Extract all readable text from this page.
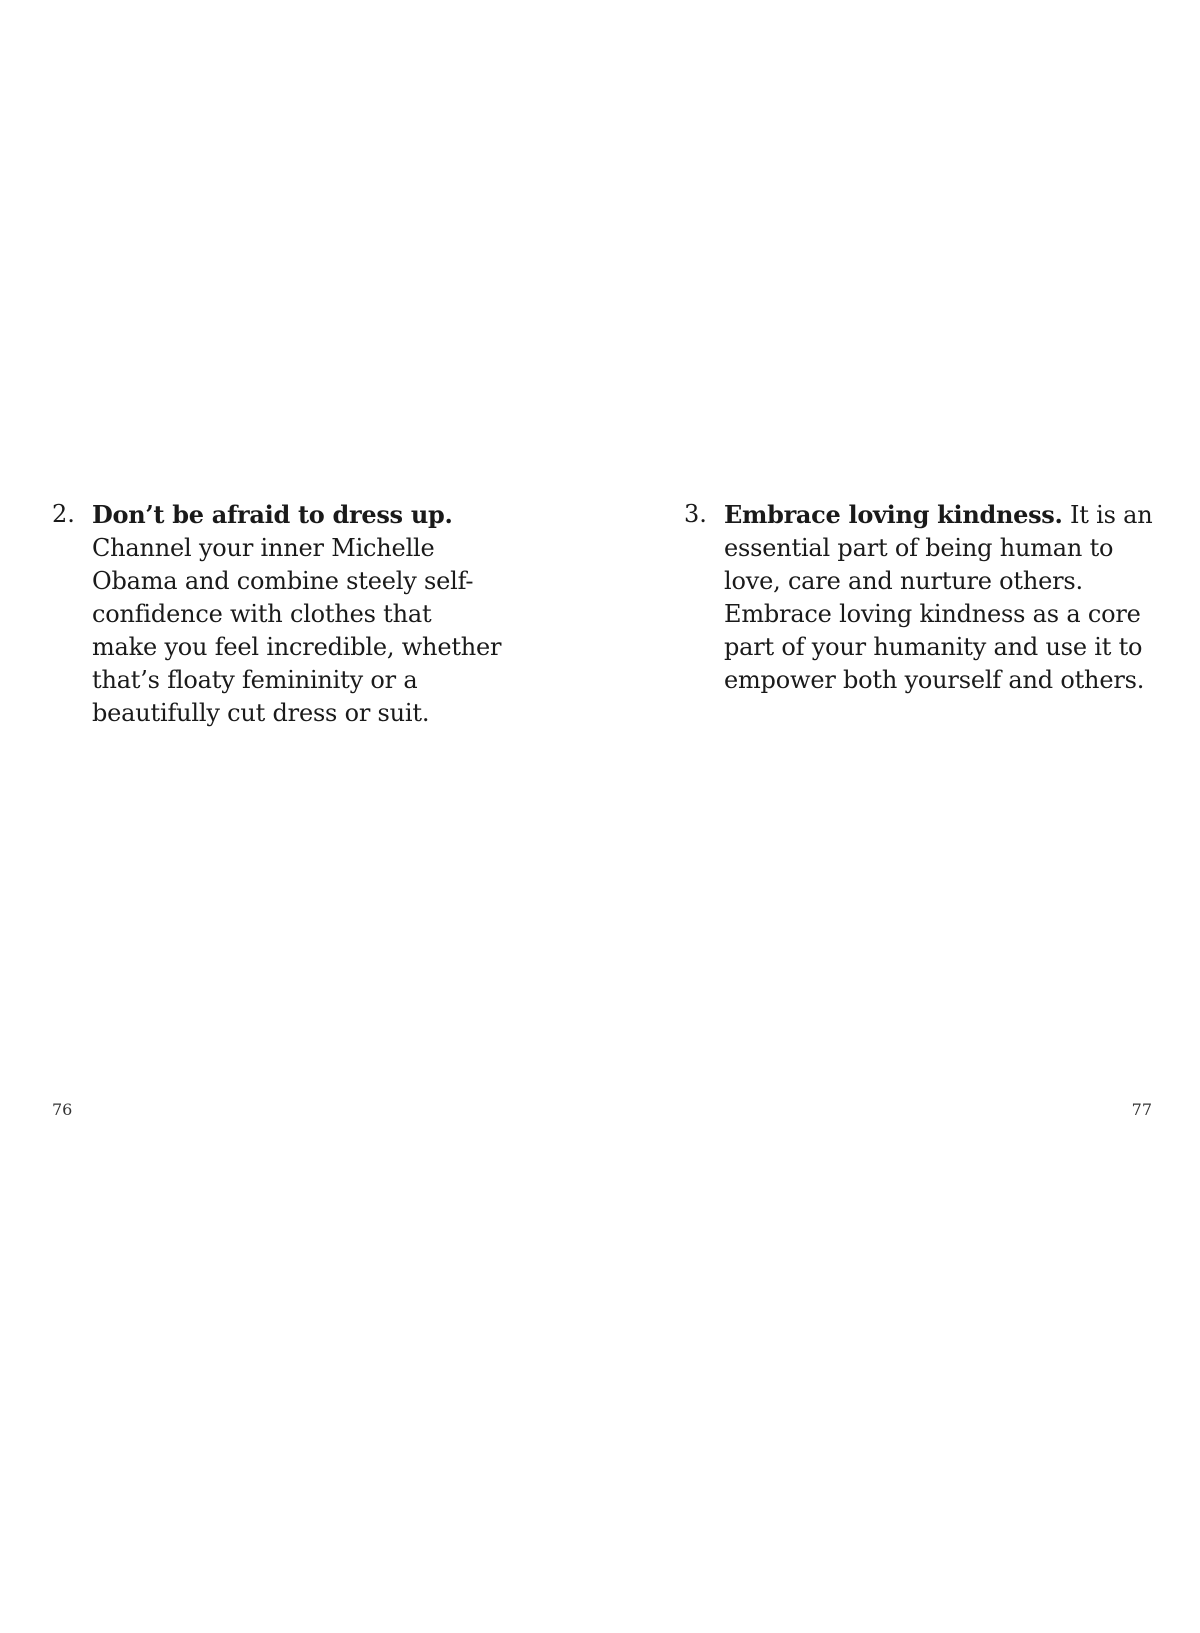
2. Don’t be afraid to dress up.
Channel your inner Michelle Obama and combine steely self-confidence with clothes that make you feel incredible, whether that’s floaty femininity or a beautifully cut dress or suit.
76
3. Embrace loving kindness. It is an essential part of being human to love, care and nurture others. Embrace loving kindness as a core part of your humanity and use it to empower both yourself and others.
77
